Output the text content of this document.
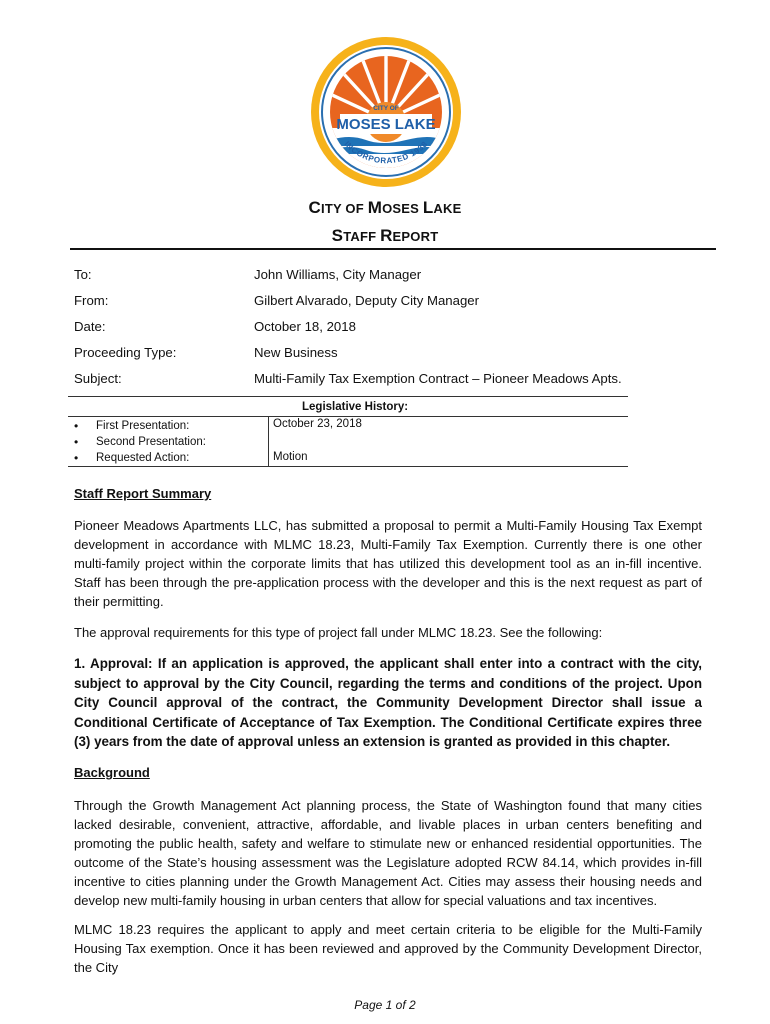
CITY OF
MOSES LAKE
INCORPORATED 1938
CITY OF MOSES LAKE
STAFF REPORT
To:	John Williams, City Manager
From:	Gilbert Alvarado, Deputy City Manager
Date:	October 18, 2018
Proceeding Type:	New Business
Subject:	Multi-Family Tax Exemption Contract – Pioneer Meadows Apts.
Legislative History:
• First Presentation:	October 23, 2018
• Second Presentation:
• Requested Action:	Motion
Staff Report Summary

Pioneer Meadows Apartments LLC, has submitted a proposal to permit a Multi-Family Housing Tax Exempt development in accordance with MLMC 18.23, Multi-Family Tax Exemption. Currently there is one other multi-family project within the corporate limits that has utilized this development tool as an in-fill incentive. Staff has been through the pre-application process with the developer and this is the next request as part of their permitting.

The approval requirements for this type of project fall under MLMC 18.23. See the following:

1. Approval: If an application is approved, the applicant shall enter into a contract with the city, subject to approval by the City Council, regarding the terms and conditions of the project. Upon City Council approval of the contract, the Community Development Director shall issue a Conditional Certificate of Acceptance of Tax Exemption. The Conditional Certificate expires three (3) years from the date of approval unless an extension is granted as provided in this chapter.

Background

Through the Growth Management Act planning process, the State of Washington found that many cities lacked desirable, convenient, attractive, affordable, and livable places in urban centers benefiting and promoting the public health, safety and welfare to stimulate new or enhanced residential opportunities. The outcome of the State’s housing assessment was the Legislature adopted RCW 84.14, which provides in-fill incentive to cities planning under the Growth Management Act. Cities may assess their housing needs and develop new multi-family housing in urban centers that allow for special valuations and tax incentives.

MLMC 18.23 requires the applicant to apply and meet certain criteria to be eligible for the Multi-Family Housing Tax exemption. Once it has been reviewed and approved by the Community Development Director, the City

Page 1 of 2
